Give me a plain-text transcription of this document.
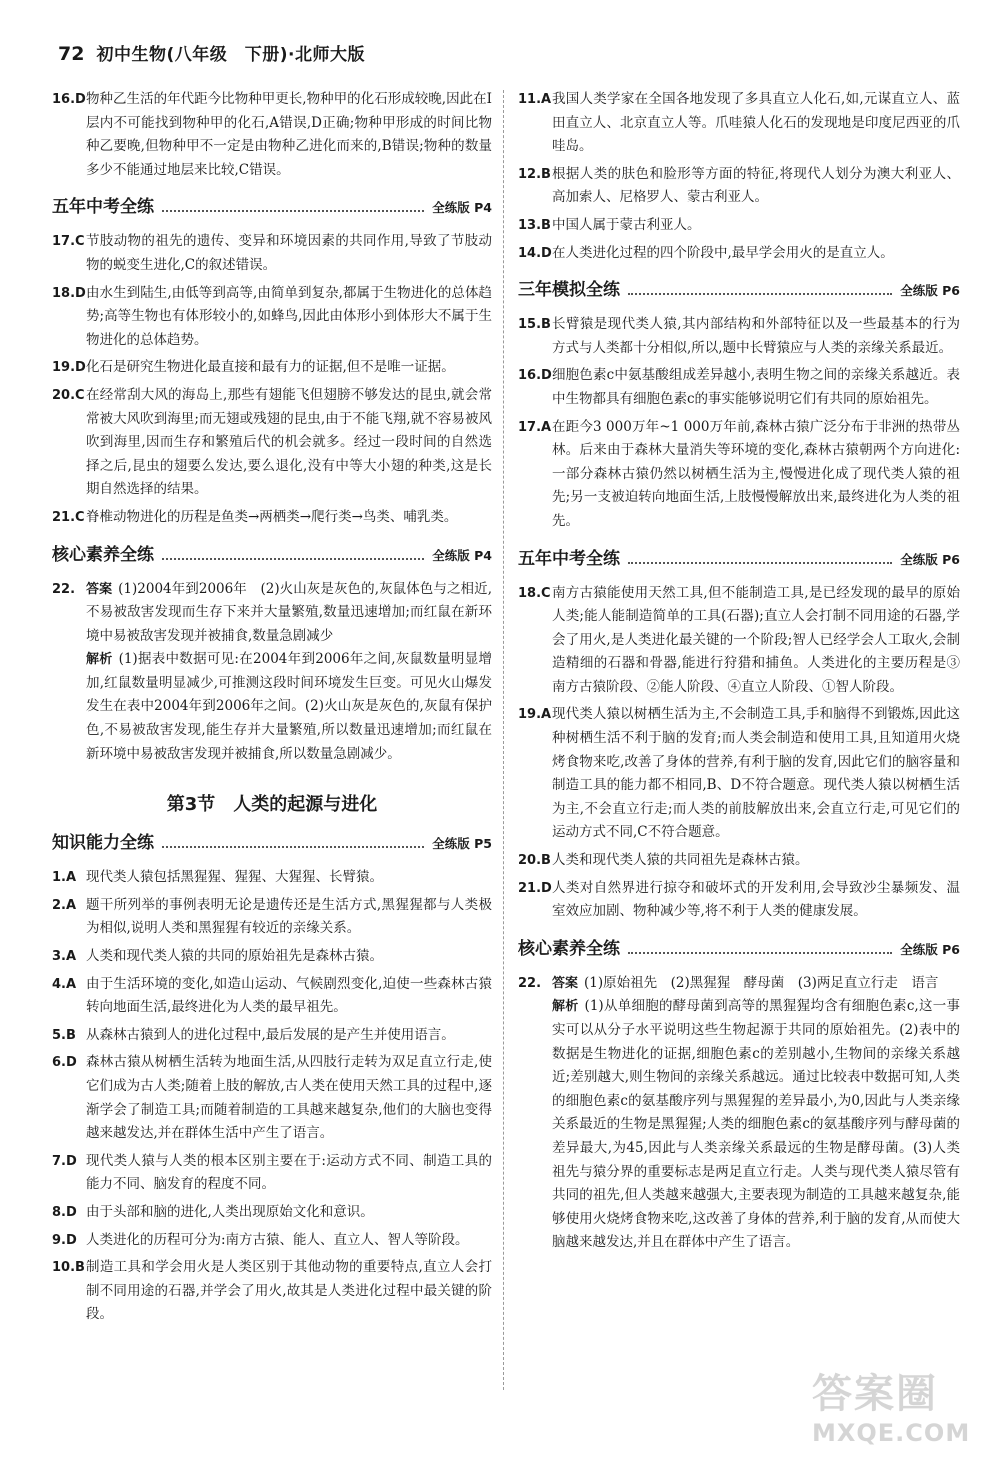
72 初中生物(八年级　下册)·北师大版
16.D 物种乙生活的年代距今比物种甲更长,物种甲的化石形成较晚,因此在Ⅰ层内不可能找到物种甲的化石,A错误,D正确;物种甲形成的时间比物种乙要晚,但物种甲不一定是由物种乙进化而来的,B错误;物种的数量多少不能通过地层来比较,C错误。
五年中考全练	全练版 P4
17.C 节肢动物的祖先的遗传、变异和环境因素的共同作用,导致了节肢动物的蜕变生进化,C的叙述错误。
18.D 由水生到陆生,由低等到高等,由简单到复杂,都属于生物进化的总体趋势;高等生物也有体形较小的,如蜂鸟,因此由体形小到体形大不属于生物进化的总体趋势。
19.D 化石是研究生物进化最直接和最有力的证据,但不是唯一证据。
20.C 在经常刮大风的海岛上,那些有翅能飞但翅膀不够发达的昆虫,就会常常被大风吹到海里;而无翅或残翅的昆虫,由于不能飞翔,就不容易被风吹到海里,因而生存和繁殖后代的机会就多。经过一段时间的自然选择之后,昆虫的翅要么发达,要么退化,没有中等大小翅的种类,这是长期自然选择的结果。
21.C 脊椎动物进化的历程是鱼类→两栖类→爬行类→鸟类、哺乳类。
核心素养全练	全练版 P4
22. 答案 (1)2004年到2006年　(2)火山灰是灰色的,灰鼠体色与之相近,不易被敌害发现而生存下来并大量繁殖,数量迅速增加;而红鼠在新环境中易被敌害发现并被捕食,数量急剧减少
解析 (1)据表中数据可见:在2004年到2006年之间,灰鼠数量明显增加,红鼠数量明显减少,可推测这段时间环境发生巨变。可见火山爆发发生在表中2004年到2006年之间。(2)火山灰是灰色的,灰鼠有保护色,不易被敌害发现,能生存并大量繁殖,所以数量迅速增加;而红鼠在新环境中易被敌害发现并被捕食,所以数量急剧减少。
第3节　人类的起源与进化
知识能力全练	全练版 P5
1.A 现代类人猿包括黑猩猩、猩猩、大猩猩、长臂猿。
2.A 题干所列举的事例表明无论是遗传还是生活方式,黑猩猩都与人类极为相似,说明人类和黑猩猩有较近的亲缘关系。
3.A 人类和现代类人猿的共同的原始祖先是森林古猿。
4.A 由于生活环境的变化,如造山运动、气候剧烈变化,迫使一些森林古猿转向地面生活,最终进化为人类的最早祖先。
5.B 从森林古猿到人的进化过程中,最后发展的是产生并使用语言。
6.D 森林古猿从树栖生活转为地面生活,从四肢行走转为双足直立行走,使它们成为古人类;随着上肢的解放,古人类在使用天然工具的过程中,逐渐学会了制造工具;而随着制造的工具越来越复杂,他们的大脑也变得越来越发达,并在群体生活中产生了语言。
7.D 现代类人猿与人类的根本区别主要在于:运动方式不同、制造工具的能力不同、脑发育的程度不同。
8.D 由于头部和脑的进化,人类出现原始文化和意识。
9.D 人类进化的历程可分为:南方古猿、能人、直立人、智人等阶段。
10.B 制造工具和学会用火是人类区别于其他动物的重要特点,直立人会打制不同用途的石器,并学会了用火,故其是人类进化过程中最关键的阶段。
11.A 我国人类学家在全国各地发现了多具直立人化石,如,元谋直立人、蓝田直立人、北京直立人等。爪哇猿人化石的发现地是印度尼西亚的爪哇岛。
12.B 根据人类的肤色和脸形等方面的特征,将现代人划分为澳大利亚人、高加索人、尼格罗人、蒙古利亚人。
13.B 中国人属于蒙古利亚人。
14.D 在人类进化过程的四个阶段中,最早学会用火的是直立人。
三年模拟全练	全练版 P6
15.B 长臂猿是现代类人猿,其内部结构和外部特征以及一些最基本的行为方式与人类都十分相似,所以,题中长臂猿应与人类的亲缘关系最近。
16.D 细胞色素c中氨基酸组成差异越小,表明生物之间的亲缘关系越近。表中生物都具有细胞色素c的事实能够说明它们有共同的原始祖先。
17.A 在距今3 000万年~1 000万年前,森林古猿广泛分布于非洲的热带丛林。后来由于森林大量消失等环境的变化,森林古猿朝两个方向进化:一部分森林古猿仍然以树栖生活为主,慢慢进化成了现代类人猿的祖先;另一支被迫转向地面生活,上肢慢慢解放出来,最终进化为人类的祖先。
五年中考全练	全练版 P6
18.C 南方古猿能使用天然工具,但不能制造工具,是已经发现的最早的原始人类;能人能制造简单的工具(石器);直立人会打制不同用途的石器,学会了用火,是人类进化最关键的一个阶段;智人已经学会人工取火,会制造精细的石器和骨器,能进行狩猎和捕鱼。人类进化的主要历程是③南方古猿阶段、②能人阶段、④直立人阶段、①智人阶段。
19.A 现代类人猿以树栖生活为主,不会制造工具,手和脑得不到锻炼,因此这种树栖生活不利于脑的发育;而人类会制造和使用工具,且知道用火烧烤食物来吃,改善了身体的营养,有利于脑的发育,因此它们的脑容量和制造工具的能力都不相同,B、D不符合题意。现代类人猿以树栖生活为主,不会直立行走;而人类的前肢解放出来,会直立行走,可见它们的运动方式不同,C不符合题意。
20.B 人类和现代类人猿的共同祖先是森林古猿。
21.D 人类对自然界进行掠夺和破坏式的开发利用,会导致沙尘暴频发、温室效应加剧、物种减少等,将不利于人类的健康发展。
核心素养全练	全练版 P6
22. 答案 (1)原始祖先　(2)黑猩猩　酵母菌　(3)两足直立行走　语言
解析 (1)从单细胞的酵母菌到高等的黑猩猩均含有细胞色素c,这一事实可以从分子水平说明这些生物起源于共同的原始祖先。(2)表中的数据是生物进化的证据,细胞色素c的差别越小,生物间的亲缘关系越近;差别越大,则生物间的亲缘关系越远。通过比较表中数据可知,人类的细胞色素c的氨基酸序列与黑猩猩的差异最小,为0,因此与人类亲缘关系最近的生物是黑猩猩;人类的细胞色素c的氨基酸序列与酵母菌的差异最大,为45,因此与人类亲缘关系最远的生物是酵母菌。(3)人类祖先与猿分界的重要标志是两足直立行走。人类与现代类人猿尽管有共同的祖先,但人类越来越强大,主要表现为制造的工具越来越复杂,能够使用火烧烤食物来吃,这改善了身体的营养,利于脑的发育,从而使大脑越来越发达,并且在群体中产生了语言。
答案圈
MXQE.COM
